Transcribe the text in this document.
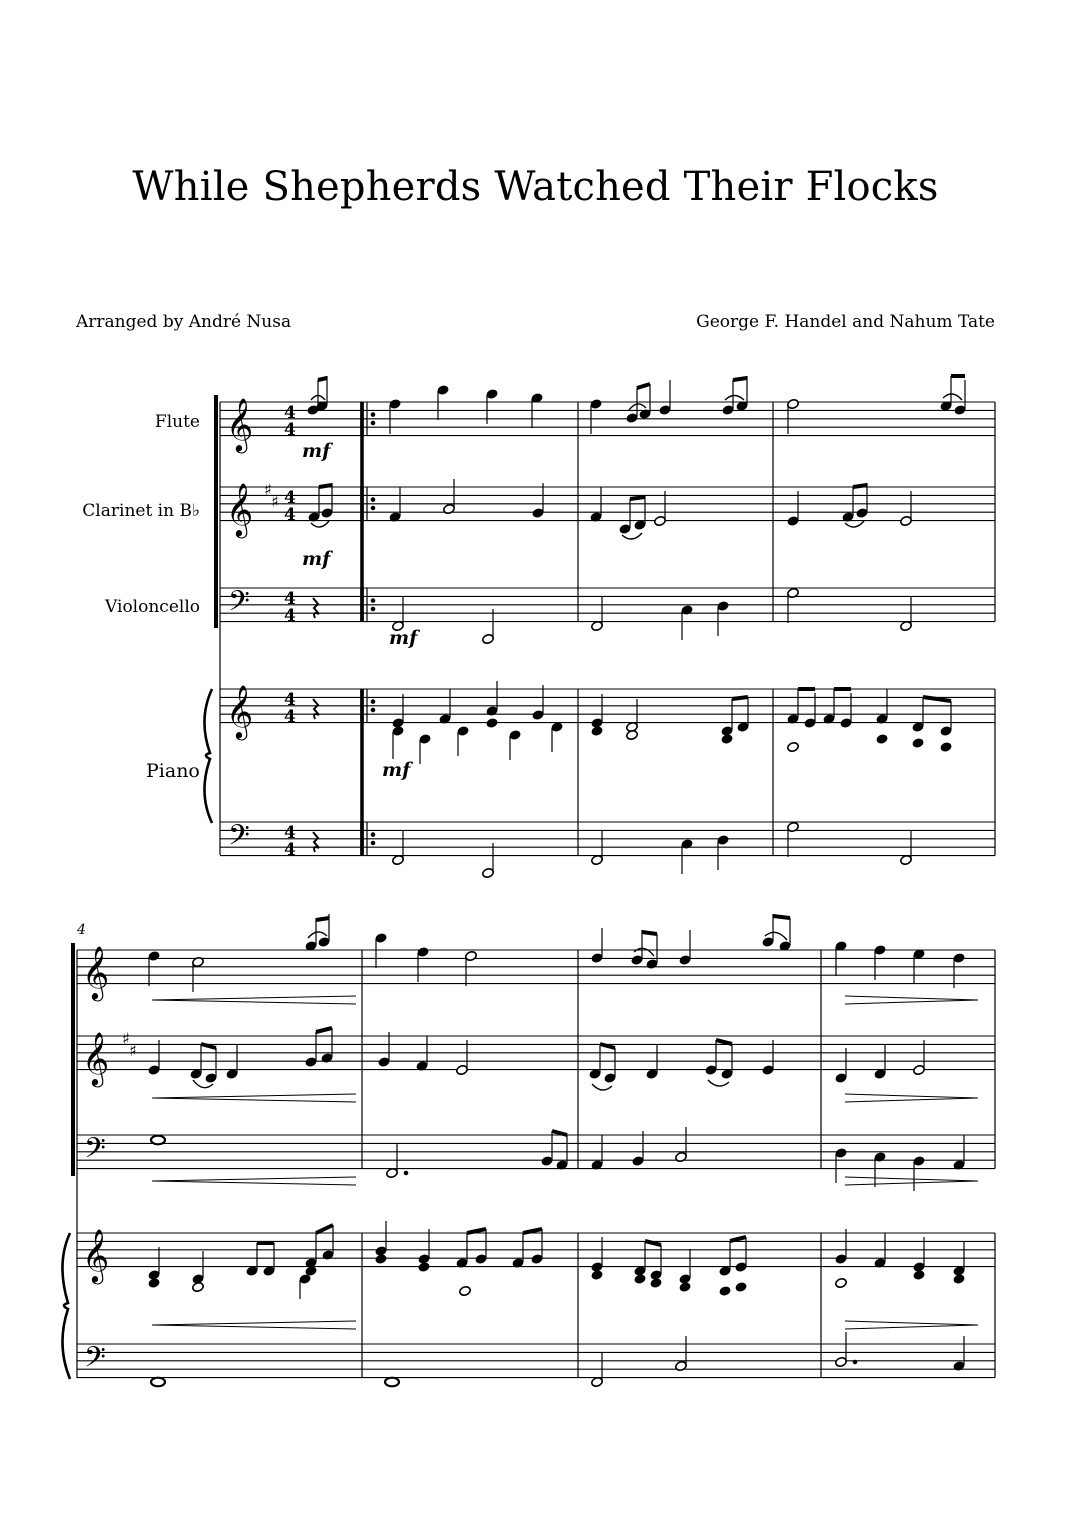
While Shepherds Watched Their Flocks
Arranged by André Nusa	George F. Handel and Nahum Tate
Flute
Clarinet in B♭
Violoncello
Piano
4
𝄞
𝄞
𝄢
𝄞
𝄢
4
4
4
4
4
4
4
4
4
4
♯
♯
mf
mf
mf
mf
𝄞
𝄞
𝄢
𝄞
𝄢
♯
♯
